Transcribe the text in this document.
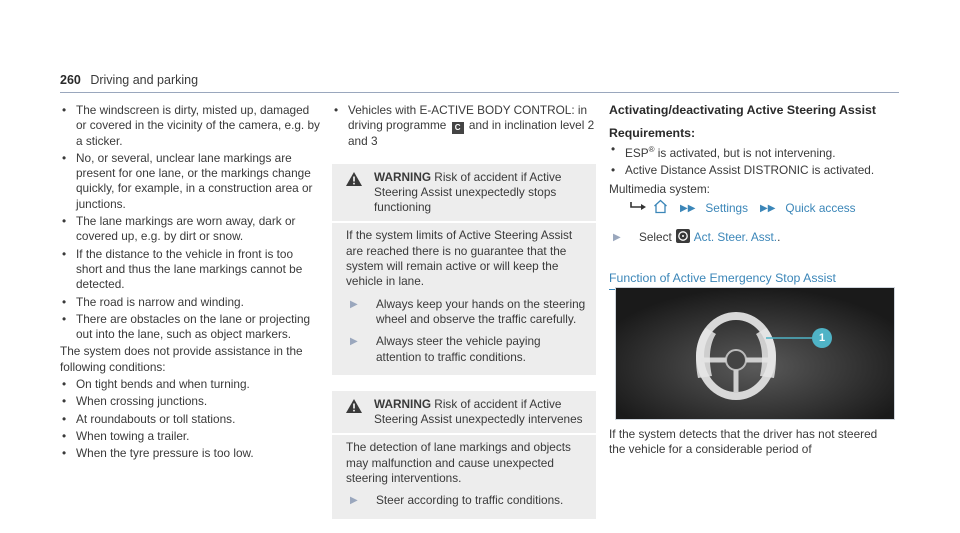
260 Driving and parking
• The windscreen is dirty, misted up, damaged or covered in the vicinity of the camera, e.g. by a sticker.
• No, or several, unclear lane markings are present for one lane, or the markings change quickly, for example, in a construction area or junctions.
• The lane markings are worn away, dark or covered up, e.g. by dirt or snow.
• If the distance to the vehicle in front is too short and thus the lane markings cannot be detected.
• The road is narrow and winding.
• There are obstacles on the lane or projecting out into the lane, such as object markers.
The system does not provide assistance in the following conditions:
• On tight bends and when turning.
• When crossing junctions.
• At roundabouts or toll stations.
• When towing a trailer.
• When the tyre pressure is too low.
• Vehicles with E-ACTIVE BODY CONTROL: in driving programme C and in inclination level 2 and 3
WARNING Risk of accident if Active Steering Assist unexpectedly stops functioning
If the system limits of Active Steering Assist are reached there is no guarantee that the system will remain active or will keep the vehicle in lane.
▶	Always keep your hands on the steering wheel and observe the traffic carefully.
▶	Always steer the vehicle paying attention to traffic conditions.
WARNING Risk of accident if Active Steering Assist unexpectedly intervenes
The detection of lane markings and objects may malfunction and cause unexpected steering interventions.
▶	Steer according to traffic conditions.
Activating/deactivating Active Steering Assist
Requirements:
• ESP® is activated, but is not intervening.
• Active Distance Assist DISTRONIC is activated.
Multimedia system:
▶▶ Settings ▶▶ Quick access
▶	Select Act. Steer. Asst. .
Function of Active Emergency Stop Assist
1
If the system detects that the driver has not steered the vehicle for a considerable period of
